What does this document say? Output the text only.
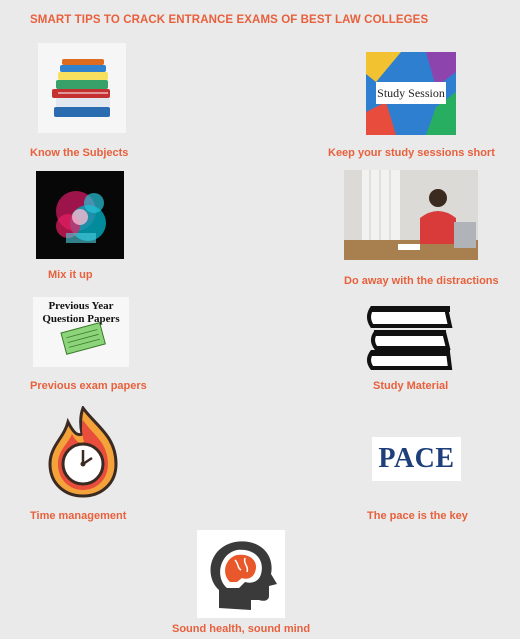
SMART TIPS TO CRACK ENTRANCE EXAMS OF BEST LAW COLLEGES
Know the Subjects
Study Session
Keep your study sessions short
Mix it up	Do away with the distractions
Previous Year
Question Papers
Previous exam papers	Study Material
Time management
PACE
The pace is the key
Sound health, sound mind
